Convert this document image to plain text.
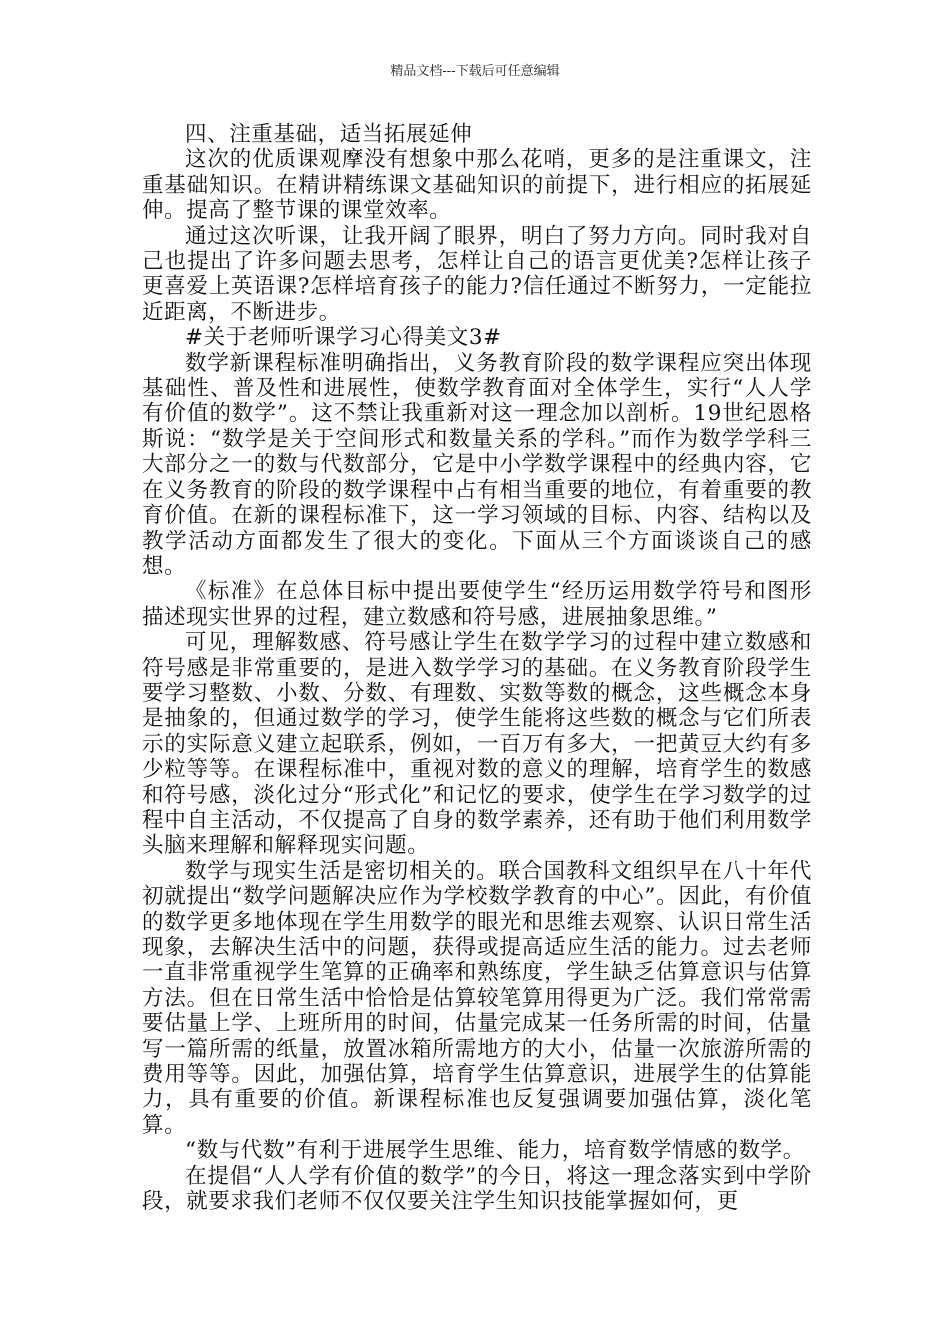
精品文档---下载后可任意编辑

四、注重基础，适当拓展延伸

这次的优质课观摩没有想象中那么花哨，更多的是注重课文，注重基础知识。在精讲精练课文基础知识的前提下，进行相应的拓展延伸。提高了整节课的课堂效率。

通过这次听课，让我开阔了眼界，明白了努力方向。同时我对自己也提出了许多问题去思考，怎样让自己的语言更优美?怎样让孩子更喜爱上英语课?怎样培育孩子的能力?信任通过不断努力，一定能拉近距离，不断进步。

#关于老师听课学习心得美文3#

数学新课程标准明确指出，义务教育阶段的数学课程应突出体现基础性、普及性和进展性，使数学教育面对全体学生，实行“人人学有价值的数学”。这不禁让我重新对这一理念加以剖析。19世纪恩格斯说：“数学是关于空间形式和数量关系的学科。”而作为数学学科三大部分之一的数与代数部分，它是中小学数学课程中的经典内容，它在义务教育的阶段的数学课程中占有相当重要的地位，有着重要的教育价值。在新的课程标准下，这一学习领域的目标、内容、结构以及教学活动方面都发生了很大的变化。下面从三个方面谈谈自己的感想。

《标准》在总体目标中提出要使学生“经历运用数学符号和图形描述现实世界的过程，建立数感和符号感，进展抽象思维。”

可见，理解数感、符号感让学生在数学学习的过程中建立数感和符号感是非常重要的，是进入数学学习的基础。在义务教育阶段学生要学习整数、小数、分数、有理数、实数等数的概念，这些概念本身是抽象的，但通过数学的学习，使学生能将这些数的概念与它们所表示的实际意义建立起联系，例如，一百万有多大，一把黄豆大约有多少粒等等。在课程标准中，重视对数的意义的理解，培育学生的数感和符号感，淡化过分“形式化”和记忆的要求，使学生在学习数学的过程中自主活动，不仅提高了自身的数学素养，还有助于他们利用数学头脑来理解和解释现实问题。

数学与现实生活是密切相关的。联合国教科文组织早在八十年代初就提出“数学问题解决应作为学校数学教育的中心”。因此，有价值的数学更多地体现在学生用数学的眼光和思维去观察、认识日常生活现象，去解决生活中的问题，获得或提高适应生活的能力。过去老师一直非常重视学生笔算的正确率和熟练度，学生缺乏估算意识与估算方法。但在日常生活中恰恰是估算较笔算用得更为广泛。我们常常需要估量上学、上班所用的时间，估量完成某一任务所需的时间，估量写一篇所需的纸量，放置冰箱所需地方的大小，估量一次旅游所需的费用等等。因此，加强估算，培育学生估算意识，进展学生的估算能力，具有重要的价值。新课程标准也反复强调要加强估算，淡化笔算。

“数与代数”有利于进展学生思维、能力，培育数学情感的数学。

在提倡“人人学有价值的数学”的今日，将这一理念落实到中学阶段，就要求我们老师不仅仅要关注学生知识技能掌握如何，更
